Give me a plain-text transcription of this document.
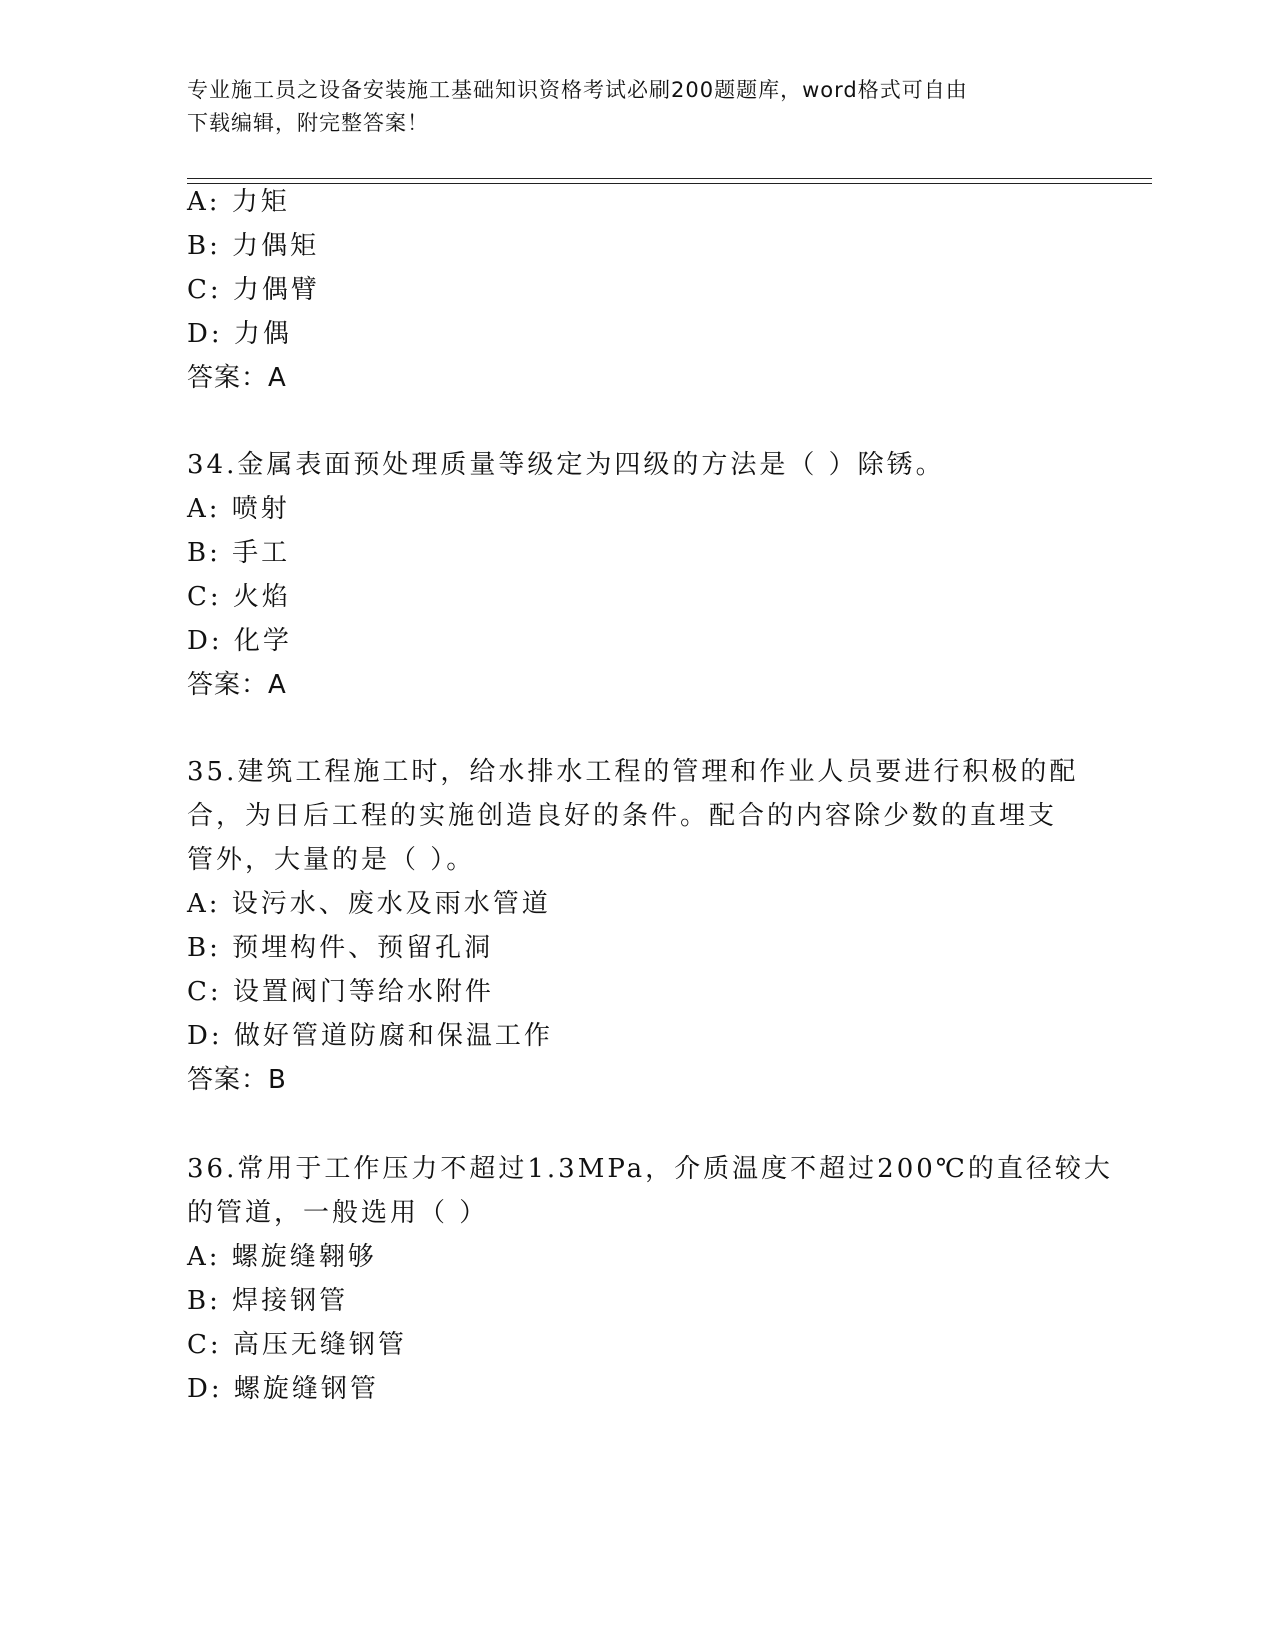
专业施工员之设备安装施工基础知识资格考试必刷200题题库，word格式可自由
下载编辑，附完整答案！
A: 力矩
B: 力偶矩
C: 力偶臂
D: 力偶
答案：A
34.金属表面预处理质量等级定为四级的方法是（ ）除锈。
A: 喷射
B: 手工
C: 火焰
D: 化学
答案：A
35.建筑工程施工时，给水排水工程的管理和作业人员要进行积极的配
合，为日后工程的实施创造良好的条件。配合的内容除少数的直埋支
管外，大量的是（ ）。
A: 设污水、废水及雨水管道
B: 预埋构件、预留孔洞
C: 设置阀门等给水附件
D: 做好管道防腐和保温工作
答案：B
36.常用于工作压力不超过1.3MPa，介质温度不超过200℃的直径较大
的管道，一般选用（ ）
A: 螺旋缝翱够
B: 焊接钢管
C: 高压无缝钢管
D: 螺旋缝钢管
